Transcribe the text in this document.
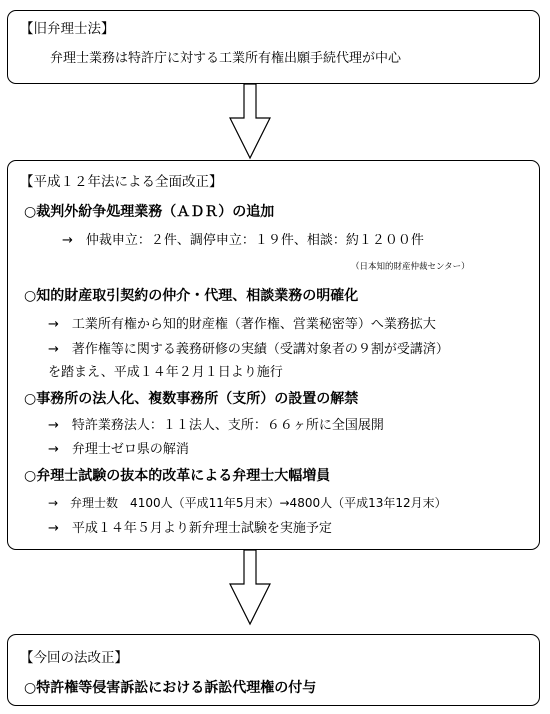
【旧弁理士法】
弁理士業務は特許庁に対する工業所有権出願手続代理が中心
【平成１２年法による全面改正】
○裁判外紛争処理業務（ＡＤＲ）の追加
→　仲裁申立：２件、調停申立：１９件、相談：約１２００件
（日本知的財産仲裁センター）
○知的財産取引契約の仲介・代理、相談業務の明確化
→　工業所有権から知的財産権（著作権、営業秘密等）へ業務拡大
→　著作権等に関する義務研修の実績（受講対象者の９割が受講済）
を踏まえ、平成１４年２月１日より施行
○事務所の法人化、複数事務所（支所）の設置の解禁
→　特許業務法人：１１法人、支所：６６ヶ所に全国展開
→　弁理士ゼロ県の解消
○弁理士試験の抜本的改革による弁理士大幅増員
→　弁理士数　4100人（平成11年5月末）→4800人（平成13年12月末）
→　平成１４年５月より新弁理士試験を実施予定
【今回の法改正】
○特許権等侵害訴訟における訴訟代理権の付与
